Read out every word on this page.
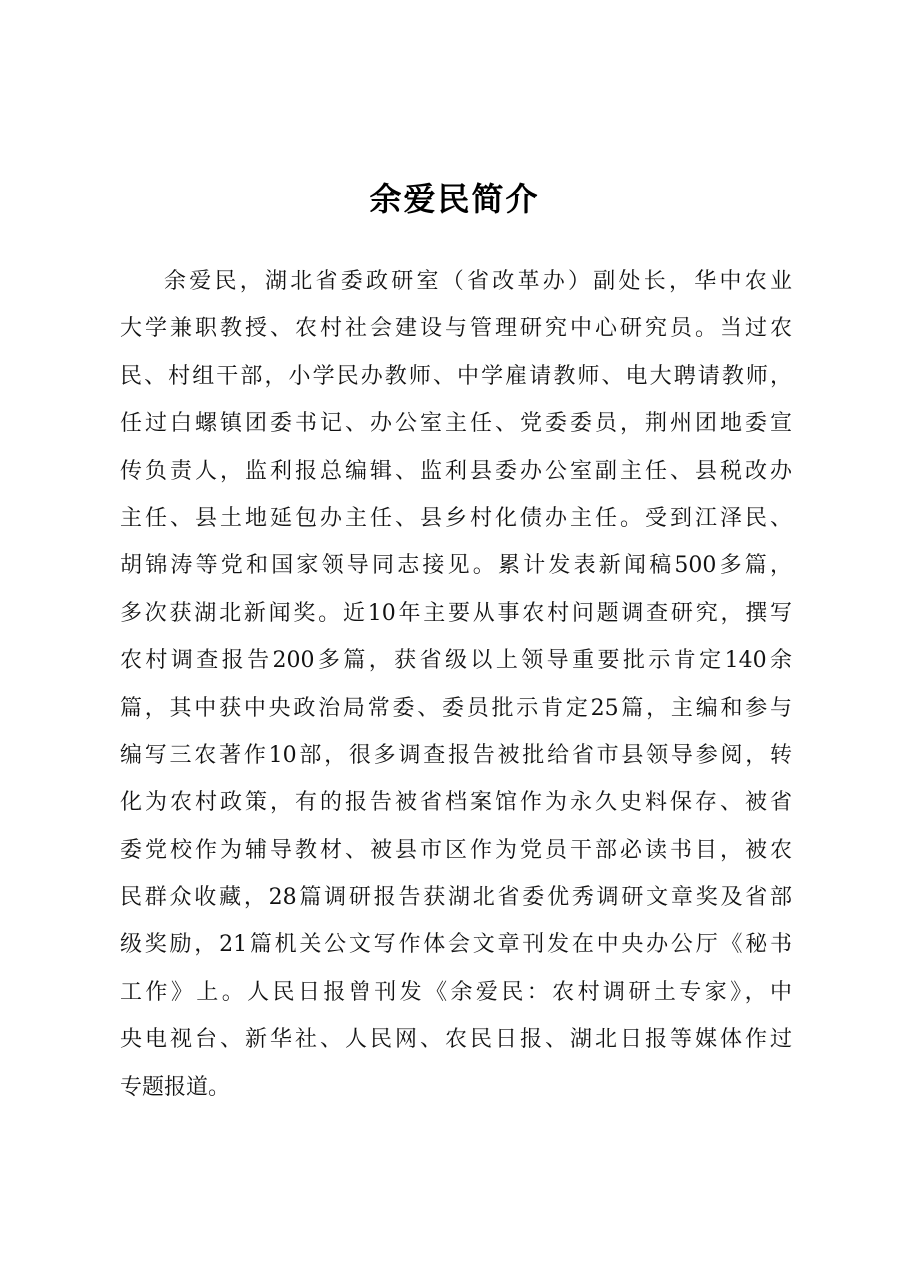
余爱民简介
余爱民，湖北省委政研室（省改革办）副处长，华中农业
大学兼职教授、农村社会建设与管理研究中心研究员。当过农
民、村组干部，小学民办教师、中学雇请教师、电大聘请教师，
任过白螺镇团委书记、办公室主任、党委委员，荆州团地委宣
传负责人，监利报总编辑、监利县委办公室副主任、县税改办
主任、县土地延包办主任、县乡村化债办主任。受到江泽民、
胡锦涛等党和国家领导同志接见。累计发表新闻稿500多篇，
多次获湖北新闻奖。近10年主要从事农村问题调查研究，撰写
农村调查报告200多篇，获省级以上领导重要批示肯定140余
篇，其中获中央政治局常委、委员批示肯定25篇，主编和参与
编写三农著作10部，很多调查报告被批给省市县领导参阅，转
化为农村政策，有的报告被省档案馆作为永久史料保存、被省
委党校作为辅导教材、被县市区作为党员干部必读书目，被农
民群众收藏，28篇调研报告获湖北省委优秀调研文章奖及省部
级奖励，21篇机关公文写作体会文章刊发在中央办公厅《秘书
工作》上。人民日报曾刊发《余爱民：农村调研土专家》，中
央电视台、新华社、人民网、农民日报、湖北日报等媒体作过
专题报道。
